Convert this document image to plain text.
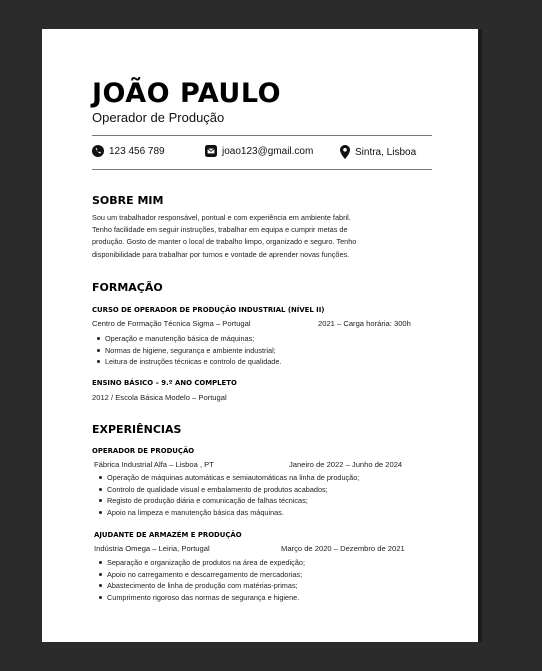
JOÃO PAULO
Operador de Produção
123 456 789	joao123@gmail.com	Sintra, Lisboa
SOBRE MIM
Sou um trabalhador responsável, pontual e com experiência em ambiente fabril.
Tenho facilidade em seguir instruções, trabalhar em equipa e cumprir metas de
produção. Gosto de manter o local de trabalho limpo, organizado e seguro. Tenho
disponibilidade para trabalhar por turnos e vontade de aprender novas funções.
FORMAÇÃO
CURSO DE OPERADOR DE PRODUÇÃO INDUSTRIAL (NÍVEL II)
Centro de Formação Técnica Sigma – Portugal	2021 – Carga horária: 300h
Operação e manutenção básica de máquinas;
Normas de higiene, segurança e ambiente industrial;
Leitura de instruções técnicas e controlo de qualidade.
ENSINO BÁSICO – 9.º ANO COMPLETO
2012 / Escola Básica Modelo – Portugal
EXPERIÊNCIAS
OPERADOR DE PRODUÇÃO
Fábrica Industrial Alfa – Lisboa , PT	Janeiro de 2022 – Junho de 2024
Operação de máquinas automáticas e semiautomáticas na linha de produção;
Controlo de qualidade visual e embalamento de produtos acabados;
Registo de produção diária e comunicação de falhas técnicas;
Apoio na limpeza e manutenção básica das máquinas.
AJUDANTE DE ARMAZÉM E PRODUÇÃO
Indústria Omega – Leiria, Portugal	Março de 2020 – Dezembro de 2021
Separação e organização de produtos na área de expedição;
Apoio no carregamento e descarregamento de mercadorias;
Abastecimento de linha de produção com matérias-primas;
Cumprimento rigoroso das normas de segurança e higiene.
